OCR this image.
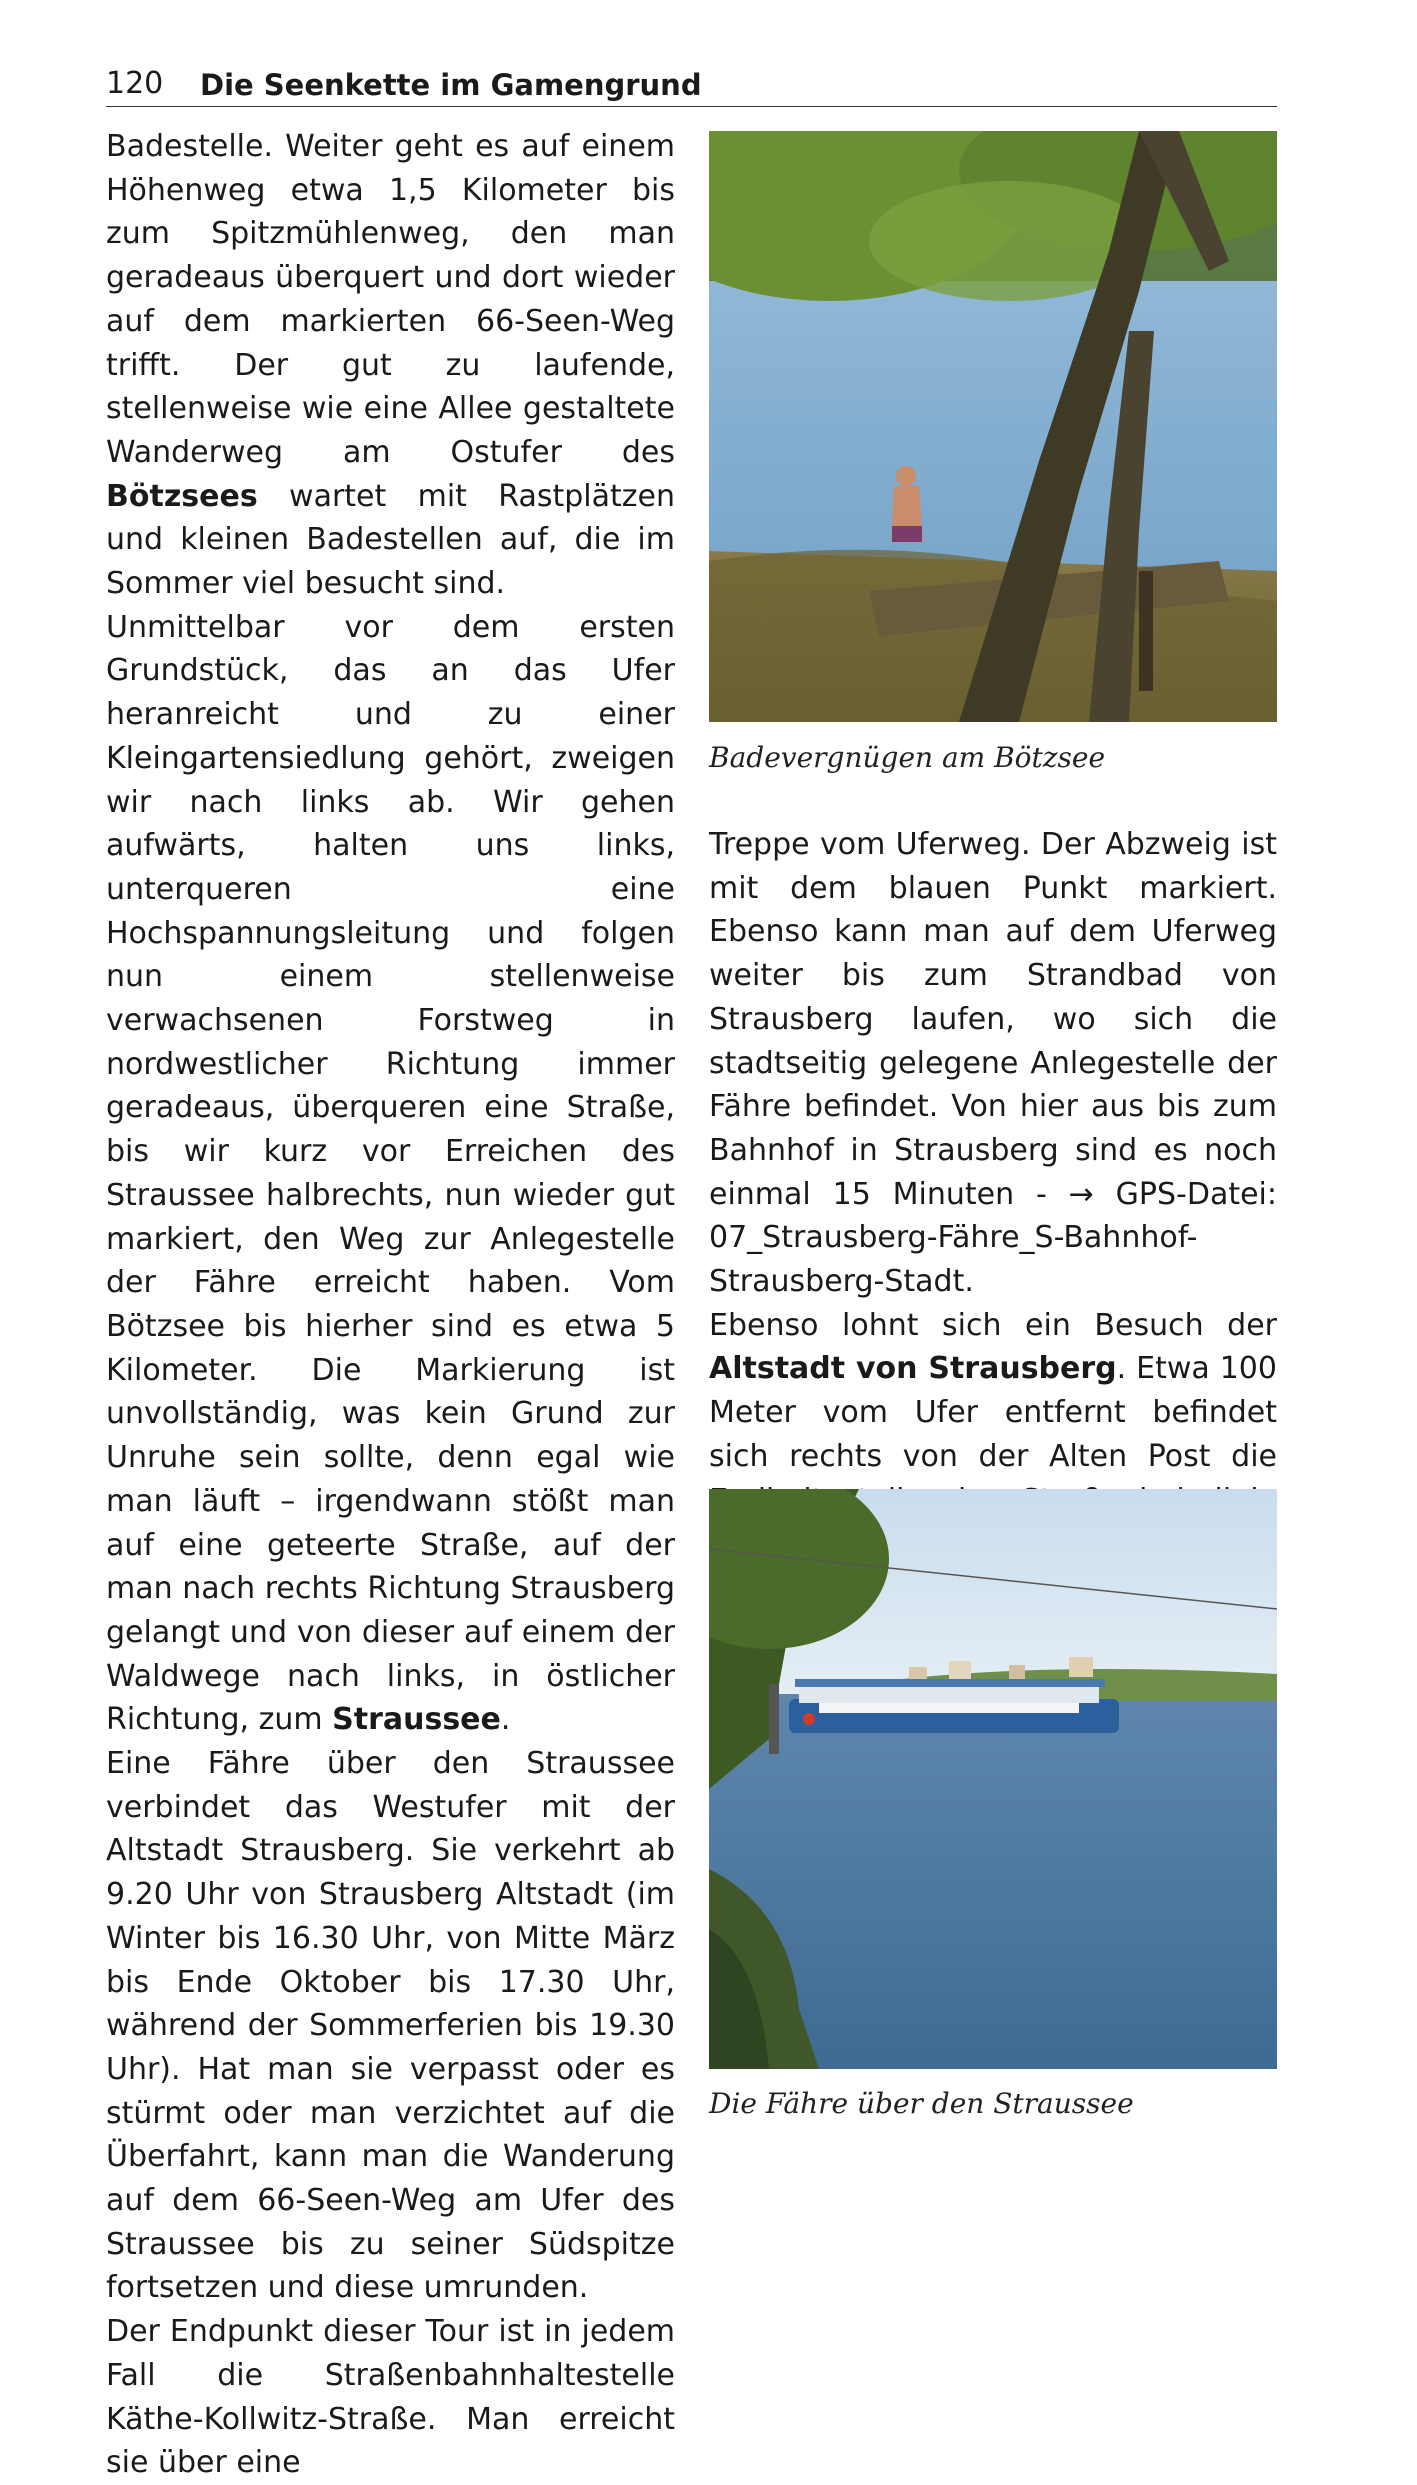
120 Die Seenkette im Gamengrund

Badestelle. Weiter geht es auf einem Höhenweg etwa 1,5 Kilometer bis zum Spitzmühlenweg, den man geradeaus überquert und dort wieder auf dem markierten 66-Seen-Weg trifft. Der gut zu laufende, stellenweise wie eine Allee gestaltete Wanderweg am Ostufer des Bötzsees wartet mit Rastplätzen und kleinen Badestellen auf, die im Sommer viel besucht sind.

Unmittelbar vor dem ersten Grundstück, das an das Ufer heranreicht und zu einer Kleingartensiedlung gehört, zweigen wir nach links ab. Wir gehen aufwärts, halten uns links, unterqueren eine Hochspannungsleitung und folgen nun einem stellenweise verwachsenen Forstweg in nordwestlicher Richtung immer geradeaus, überqueren eine Straße, bis wir kurz vor Erreichen des Straussee halbrechts, nun wieder gut markiert, den Weg zur Anlegestelle der Fähre erreicht haben. Vom Bötzsee bis hierher sind es etwa 5 Kilometer. Die Markierung ist unvollständig, was kein Grund zur Unruhe sein sollte, denn egal wie man läuft – irgendwann stößt man auf eine geteerte Straße, auf der man nach rechts Richtung Strausberg gelangt und von dieser auf einem der Waldwege nach links, in östlicher Richtung, zum Straussee.

Eine Fähre über den Straussee verbindet das Westufer mit der Altstadt Strausberg. Sie verkehrt ab 9.20 Uhr von Strausberg Altstadt (im Winter bis 16.30 Uhr, von Mitte März bis Ende Oktober bis 17.30 Uhr, während der Sommerferien bis 19.30 Uhr). Hat man sie verpasst oder es stürmt oder man verzichtet auf die Überfahrt, kann man die Wanderung auf dem 66-Seen-Weg am Ufer des Straussee bis zu seiner Südspitze fortsetzen und diese umrunden.

Der Endpunkt dieser Tour ist in jedem Fall die Straßenbahnhaltestelle Käthe-Kollwitz-Straße. Man erreicht sie über eine

Badevergnügen am Bötzsee

Treppe vom Uferweg. Der Abzweig ist mit dem blauen Punkt markiert. Ebenso kann man auf dem Uferweg weiter bis zum Strandbad von Strausberg laufen, wo sich die stadtseitig gelegene Anlegestelle der Fähre befindet. Von hier aus bis zum Bahnhof in Strausberg sind es noch einmal 15 Minuten - → GPS-Datei: 07_Strausberg-Fähre_S-Bahnhof-Strausberg-Stadt.

Ebenso lohnt sich ein Besuch der Altstadt von Strausberg. Etwa 100 Meter vom Ufer entfernt befindet sich rechts von der Alten Post die

Die Fähre über den Straussee
